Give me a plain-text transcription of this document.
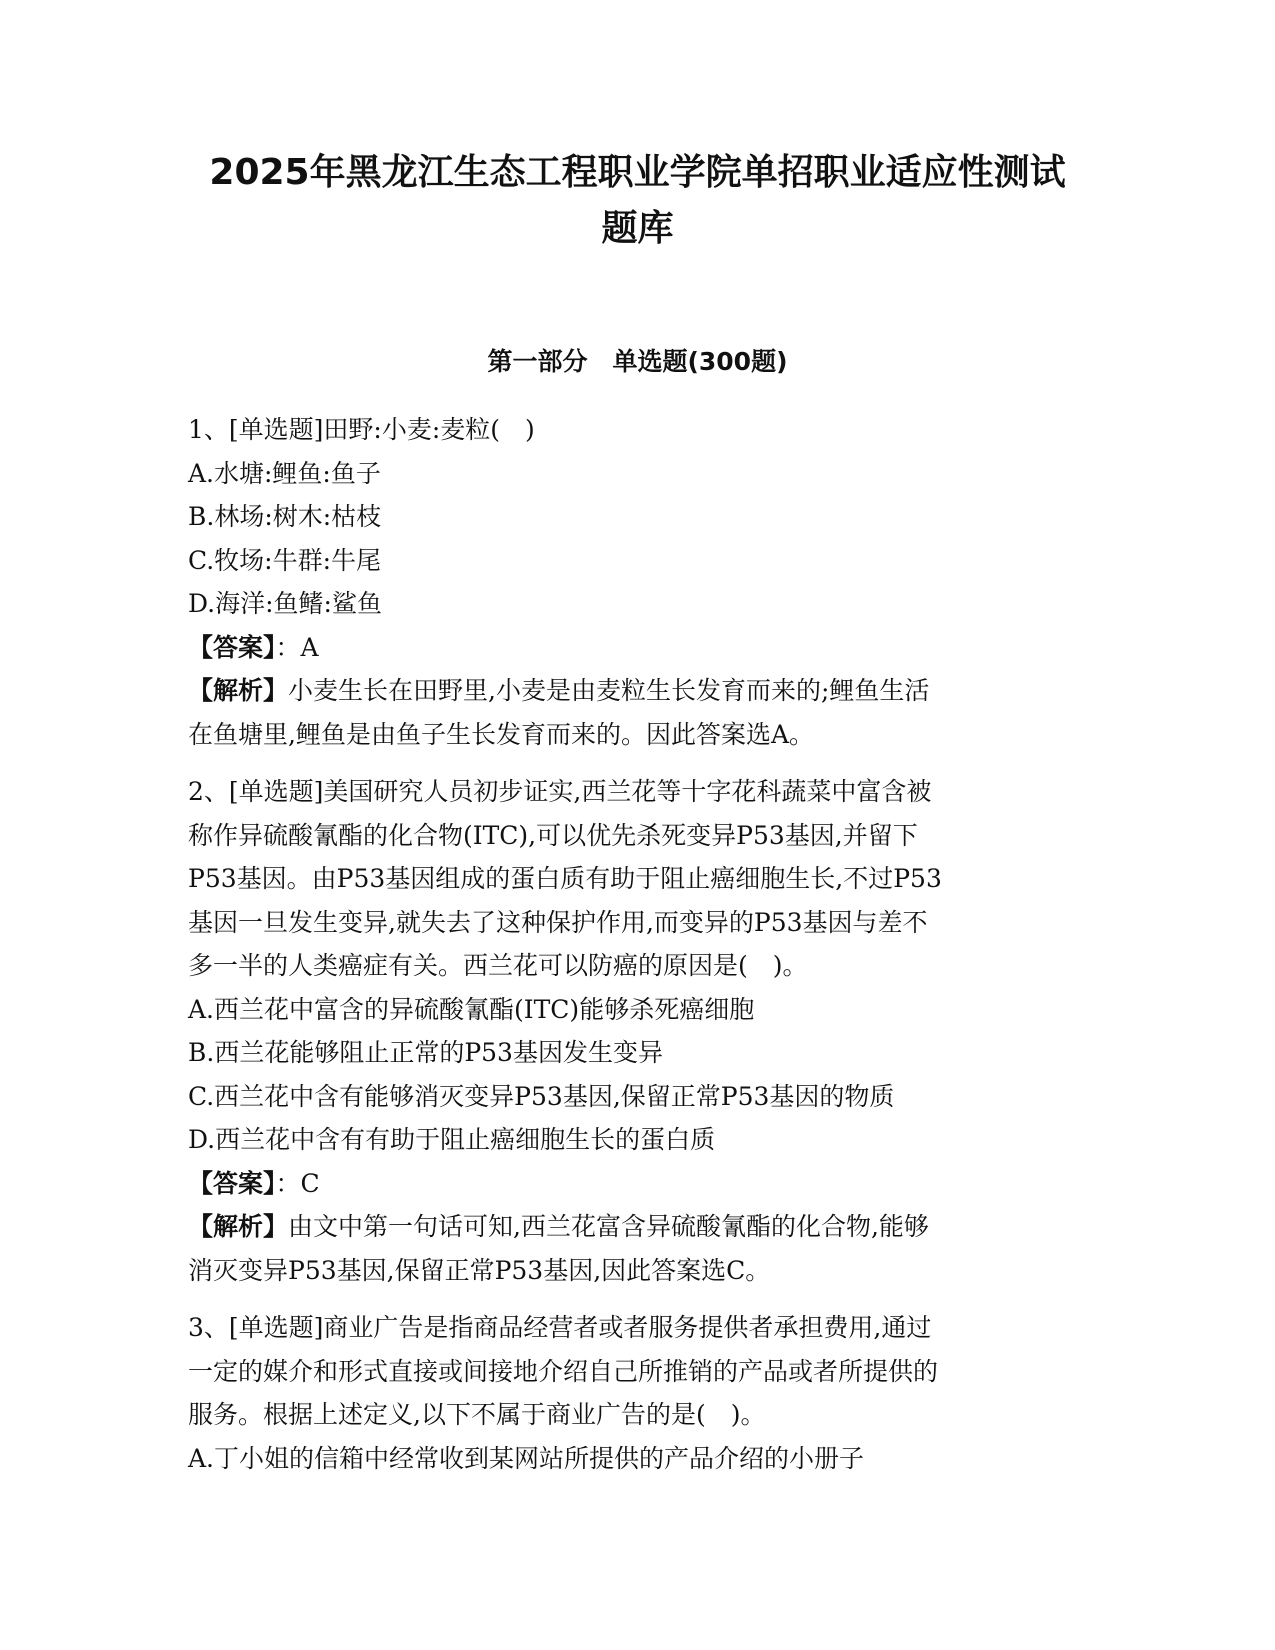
2025年黑龙江生态工程职业学院单招职业适应性测试
题库
第一部分　单选题(300题)
1、[单选题]田野:小麦:麦粒(　)
A.水塘:鲤鱼:鱼子
B.林场:树木:枯枝
C.牧场:牛群:牛尾
D.海洋:鱼鳍:鲨鱼
【答案】：A
【解析】小麦生长在田野里,小麦是由麦粒生长发育而来的;鲤鱼生活
在鱼塘里,鲤鱼是由鱼子生长发育而来的。因此答案选A。
2、[单选题]美国研究人员初步证实,西兰花等十字花科蔬菜中富含被
称作异硫酸氰酯的化合物(ITC),可以优先杀死变异P53基因,并留下
P53基因。由P53基因组成的蛋白质有助于阻止癌细胞生长,不过P53
基因一旦发生变异,就失去了这种保护作用,而变异的P53基因与差不
多一半的人类癌症有关。西兰花可以防癌的原因是(　)。
A.西兰花中富含的异硫酸氰酯(ITC)能够杀死癌细胞
B.西兰花能够阻止正常的P53基因发生变异
C.西兰花中含有能够消灭变异P53基因,保留正常P53基因的物质
D.西兰花中含有有助于阻止癌细胞生长的蛋白质
【答案】：C
【解析】由文中第一句话可知,西兰花富含异硫酸氰酯的化合物,能够
消灭变异P53基因,保留正常P53基因,因此答案选C。
3、[单选题]商业广告是指商品经营者或者服务提供者承担费用,通过
一定的媒介和形式直接或间接地介绍自己所推销的产品或者所提供的
服务。根据上述定义,以下不属于商业广告的是(　)。
A.丁小姐的信箱中经常收到某网站所提供的产品介绍的小册子
